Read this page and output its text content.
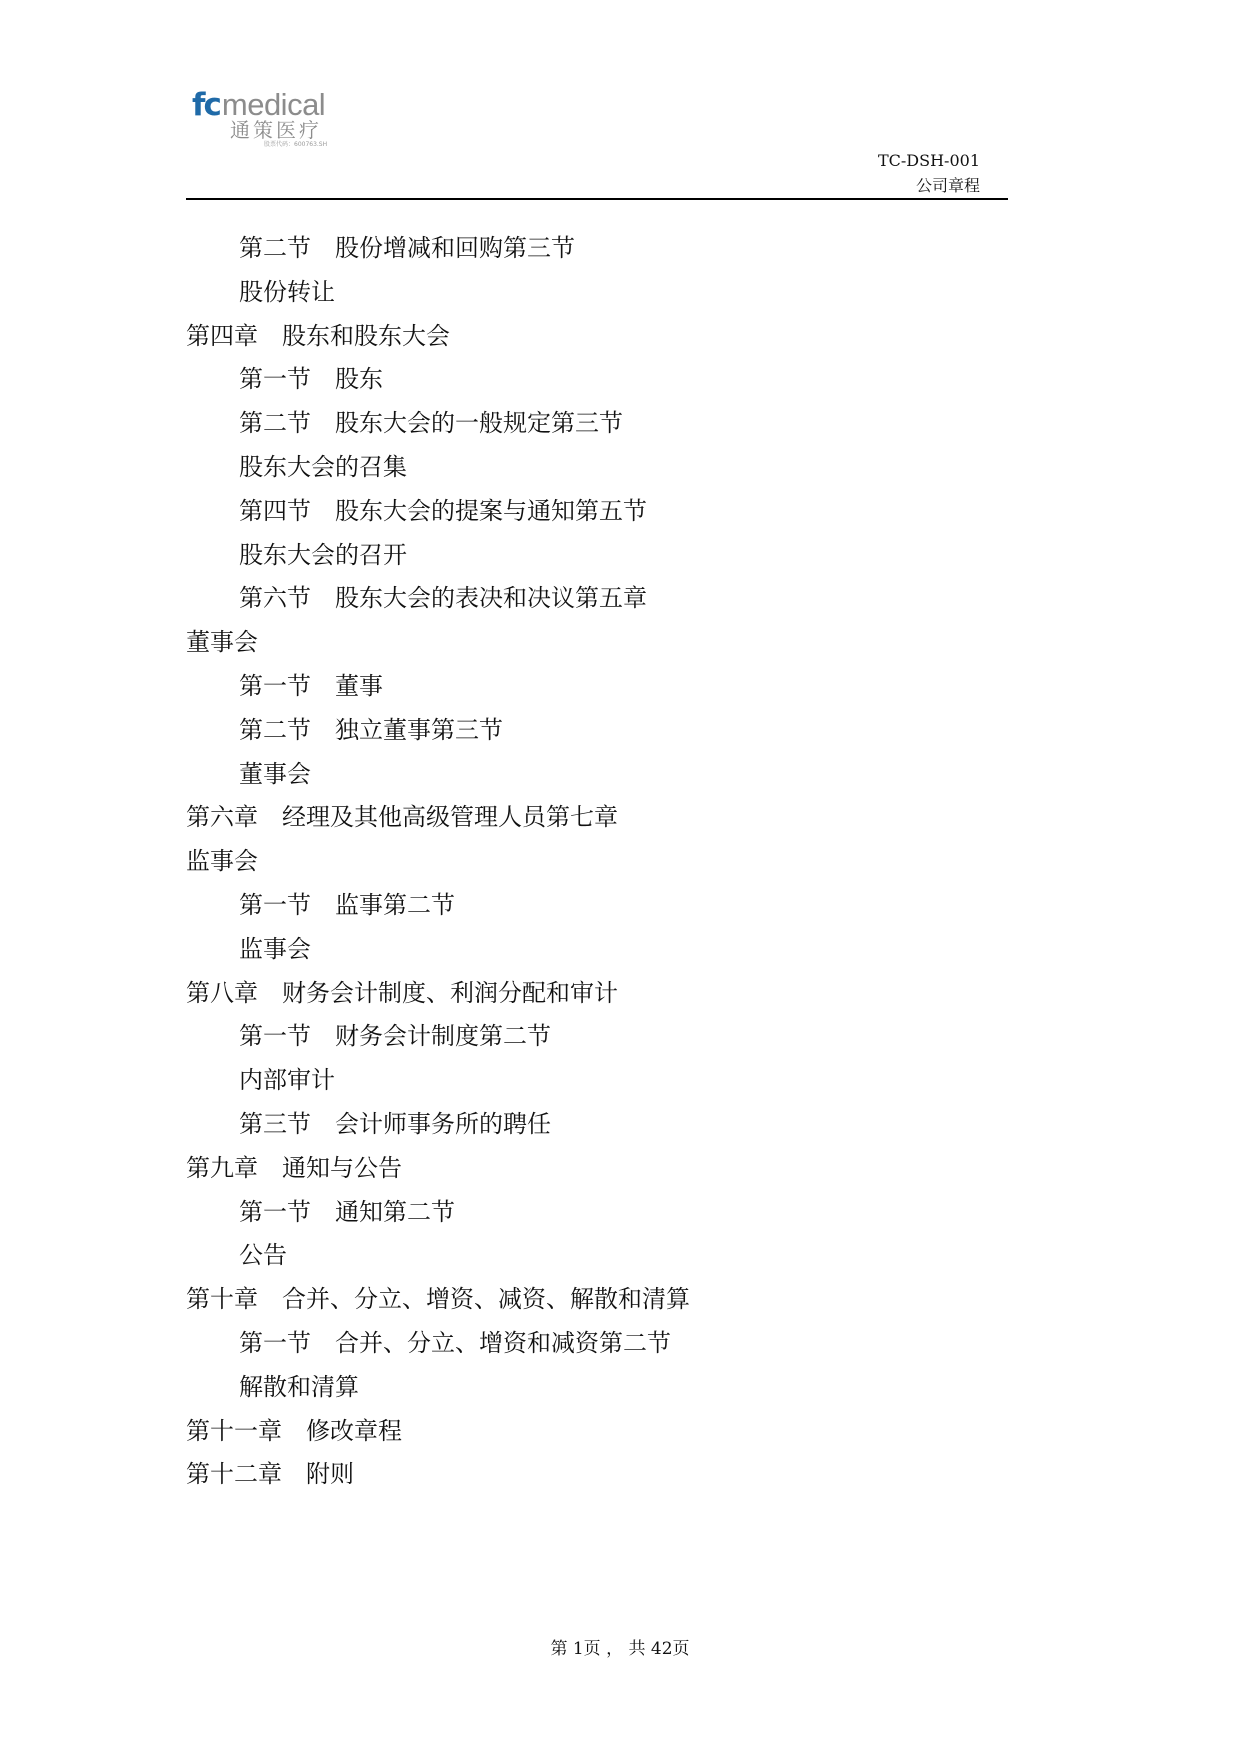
fc medical
通策医疗
股票代码：600763.SH
TC-DSH-001
公司章程
第二节　股份增减和回购第三节
股份转让
第四章　股东和股东大会
第一节　股东
第二节　股东大会的一般规定第三节
股东大会的召集
第四节　股东大会的提案与通知第五节
股东大会的召开
第六节　股东大会的表决和决议第五章
董事会
第一节　董事
第二节　独立董事第三节
董事会
第六章　经理及其他高级管理人员第七章
监事会
第一节　监事第二节
监事会
第八章　财务会计制度、利润分配和审计
第一节　财务会计制度第二节
内部审计
第三节　会计师事务所的聘任
第九章　通知与公告
第一节　通知第二节
公告
第十章　合并、分立、增资、减资、解散和清算
第一节　合并、分立、增资和减资第二节
解散和清算
第十一章　修改章程
第十二章　附则
第 1页 ， 共 42页
